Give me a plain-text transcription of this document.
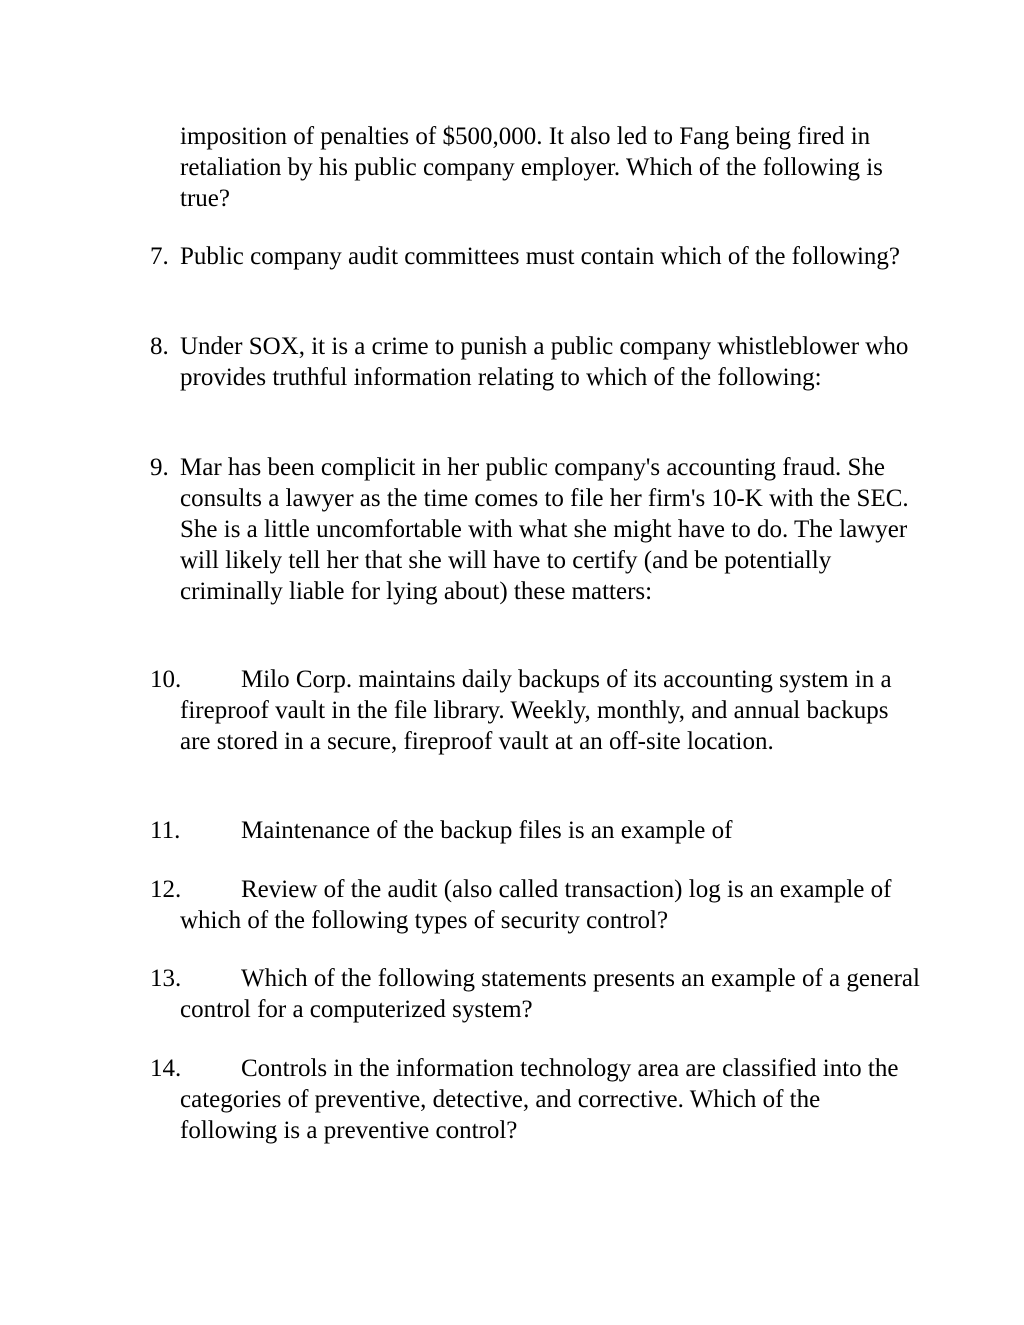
imposition of penalties of $500,000. It also led to Fang being fired in retaliation by his public company employer. Which of the following is true?

7. Public company audit committees must contain which of the following?
8. Under SOX, it is a crime to punish a public company whistleblower who provides truthful information relating to which of the following:
9. Mar has been complicit in her public company's accounting fraud. She consults a lawyer as the time comes to file her firm's 10-K with the SEC. She is a little uncomfortable with what she might have to do. The lawyer will likely tell her that she will have to certify (and be potentially criminally liable for lying about) these matters:
10.	Milo Corp. maintains daily backups of its accounting system in a fireproof vault in the file library. Weekly, monthly, and annual backups are stored in a secure, fireproof vault at an off-site location.
11.	Maintenance of the backup files is an example of
12.	Review of the audit (also called transaction) log is an example of which of the following types of security control?
13.	Which of the following statements presents an example of a general control for a computerized system?
14.	Controls in the information technology area are classified into the categories of preventive, detective, and corrective. Which of the following is a preventive control?
